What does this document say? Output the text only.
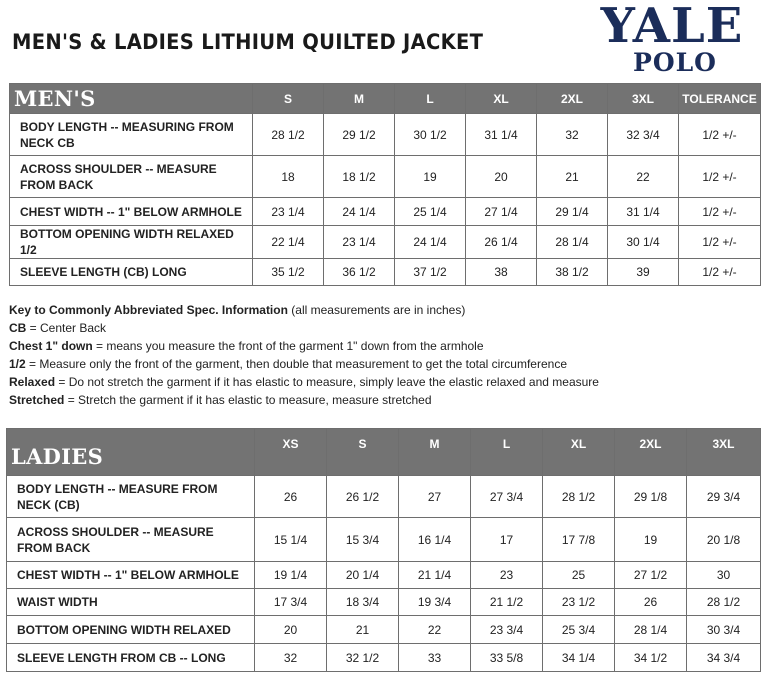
MEN'S & LADIES LITHIUM QUILTED JACKET	YALE
POLO
MEN'S	S	M	L	XL	2XL	3XL	TOLERANCE
BODY LENGTH -- MEASURING FROM NECK CB	28 1/2	29 1/2	30 1/2	31 1/4	32	32 3/4	1/2 +/-
ACROSS SHOULDER -- MEASURE FROM BACK	18	18 1/2	19	20	21	22	1/2 +/-
CHEST WIDTH -- 1" BELOW ARMHOLE	23 1/4	24 1/4	25 1/4	27 1/4	29 1/4	31 1/4	1/2 +/-
BOTTOM OPENING WIDTH RELAXED 1/2	22 1/4	23 1/4	24 1/4	26 1/4	28 1/4	30 1/4	1/2 +/-
SLEEVE LENGTH (CB) LONG	35 1/2	36 1/2	37 1/2	38	38 1/2	39	1/2 +/-
Key to Commonly Abbreviated Spec. Information (all measurements are in inches)
CB = Center Back
Chest 1" down = means you measure the front of the garment 1" down from the armhole
1/2 = Measure only the front of the garment, then double that measurement to get the total circumference
Relaxed = Do not stretch the garment if it has elastic to measure, simply leave the elastic relaxed and measure
Stretched = Stretch the garment if it has elastic to measure, measure stretched
LADIES	XS	S	M	L	XL	2XL	3XL
BODY LENGTH -- MEASURE FROM NECK (CB)	26	26 1/2	27	27 3/4	28 1/2	29 1/8	29 3/4
ACROSS SHOULDER -- MEASURE FROM BACK	15 1/4	15 3/4	16 1/4	17	17 7/8	19	20 1/8
CHEST WIDTH -- 1" BELOW ARMHOLE	19 1/4	20 1/4	21 1/4	23	25	27 1/2	30
WAIST WIDTH	17 3/4	18 3/4	19 3/4	21 1/2	23 1/2	26	28 1/2
BOTTOM OPENING WIDTH RELAXED	20	21	22	23 3/4	25 3/4	28 1/4	30 3/4
SLEEVE LENGTH FROM CB -- LONG	32	32 1/2	33	33 5/8	34 1/4	34 1/2	34 3/4
